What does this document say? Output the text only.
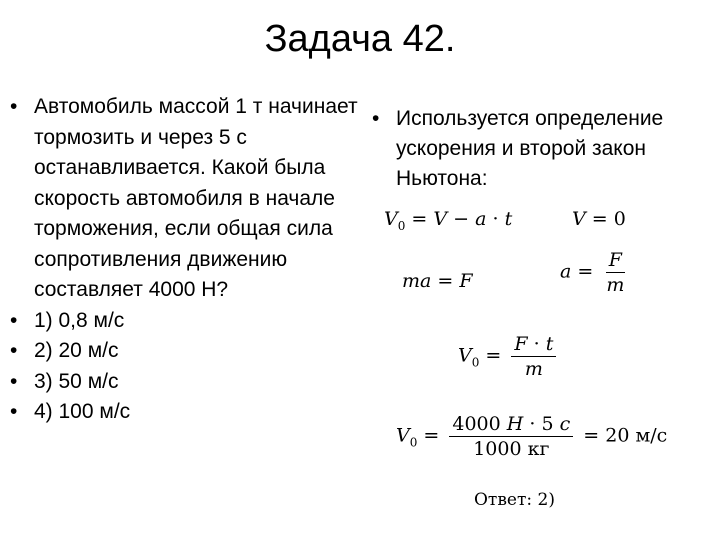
Задача 42.
• Автомобиль массой 1 т начинает тормозить и через 5 с останавливается. Какой была скорость автомобиля в начале торможения, если общая сила сопротивления движению составляет 4000 Н?
• 1) 0,8 м/с
• 2) 20 м/с
• 3) 50 м/с
• 4) 100 м/с
• Используется определение ускорения и второй закон Ньютона:
$V_0 = V - a \cdot t$	V = 0
ma = F	$a = \frac{F}{m}$
$V_0 = \frac{F \cdot t}{m}$
$V_0 = \frac{4000 H \cdot 5 c}{1000 кг} = 20$ м/с
Ответ: 2)
